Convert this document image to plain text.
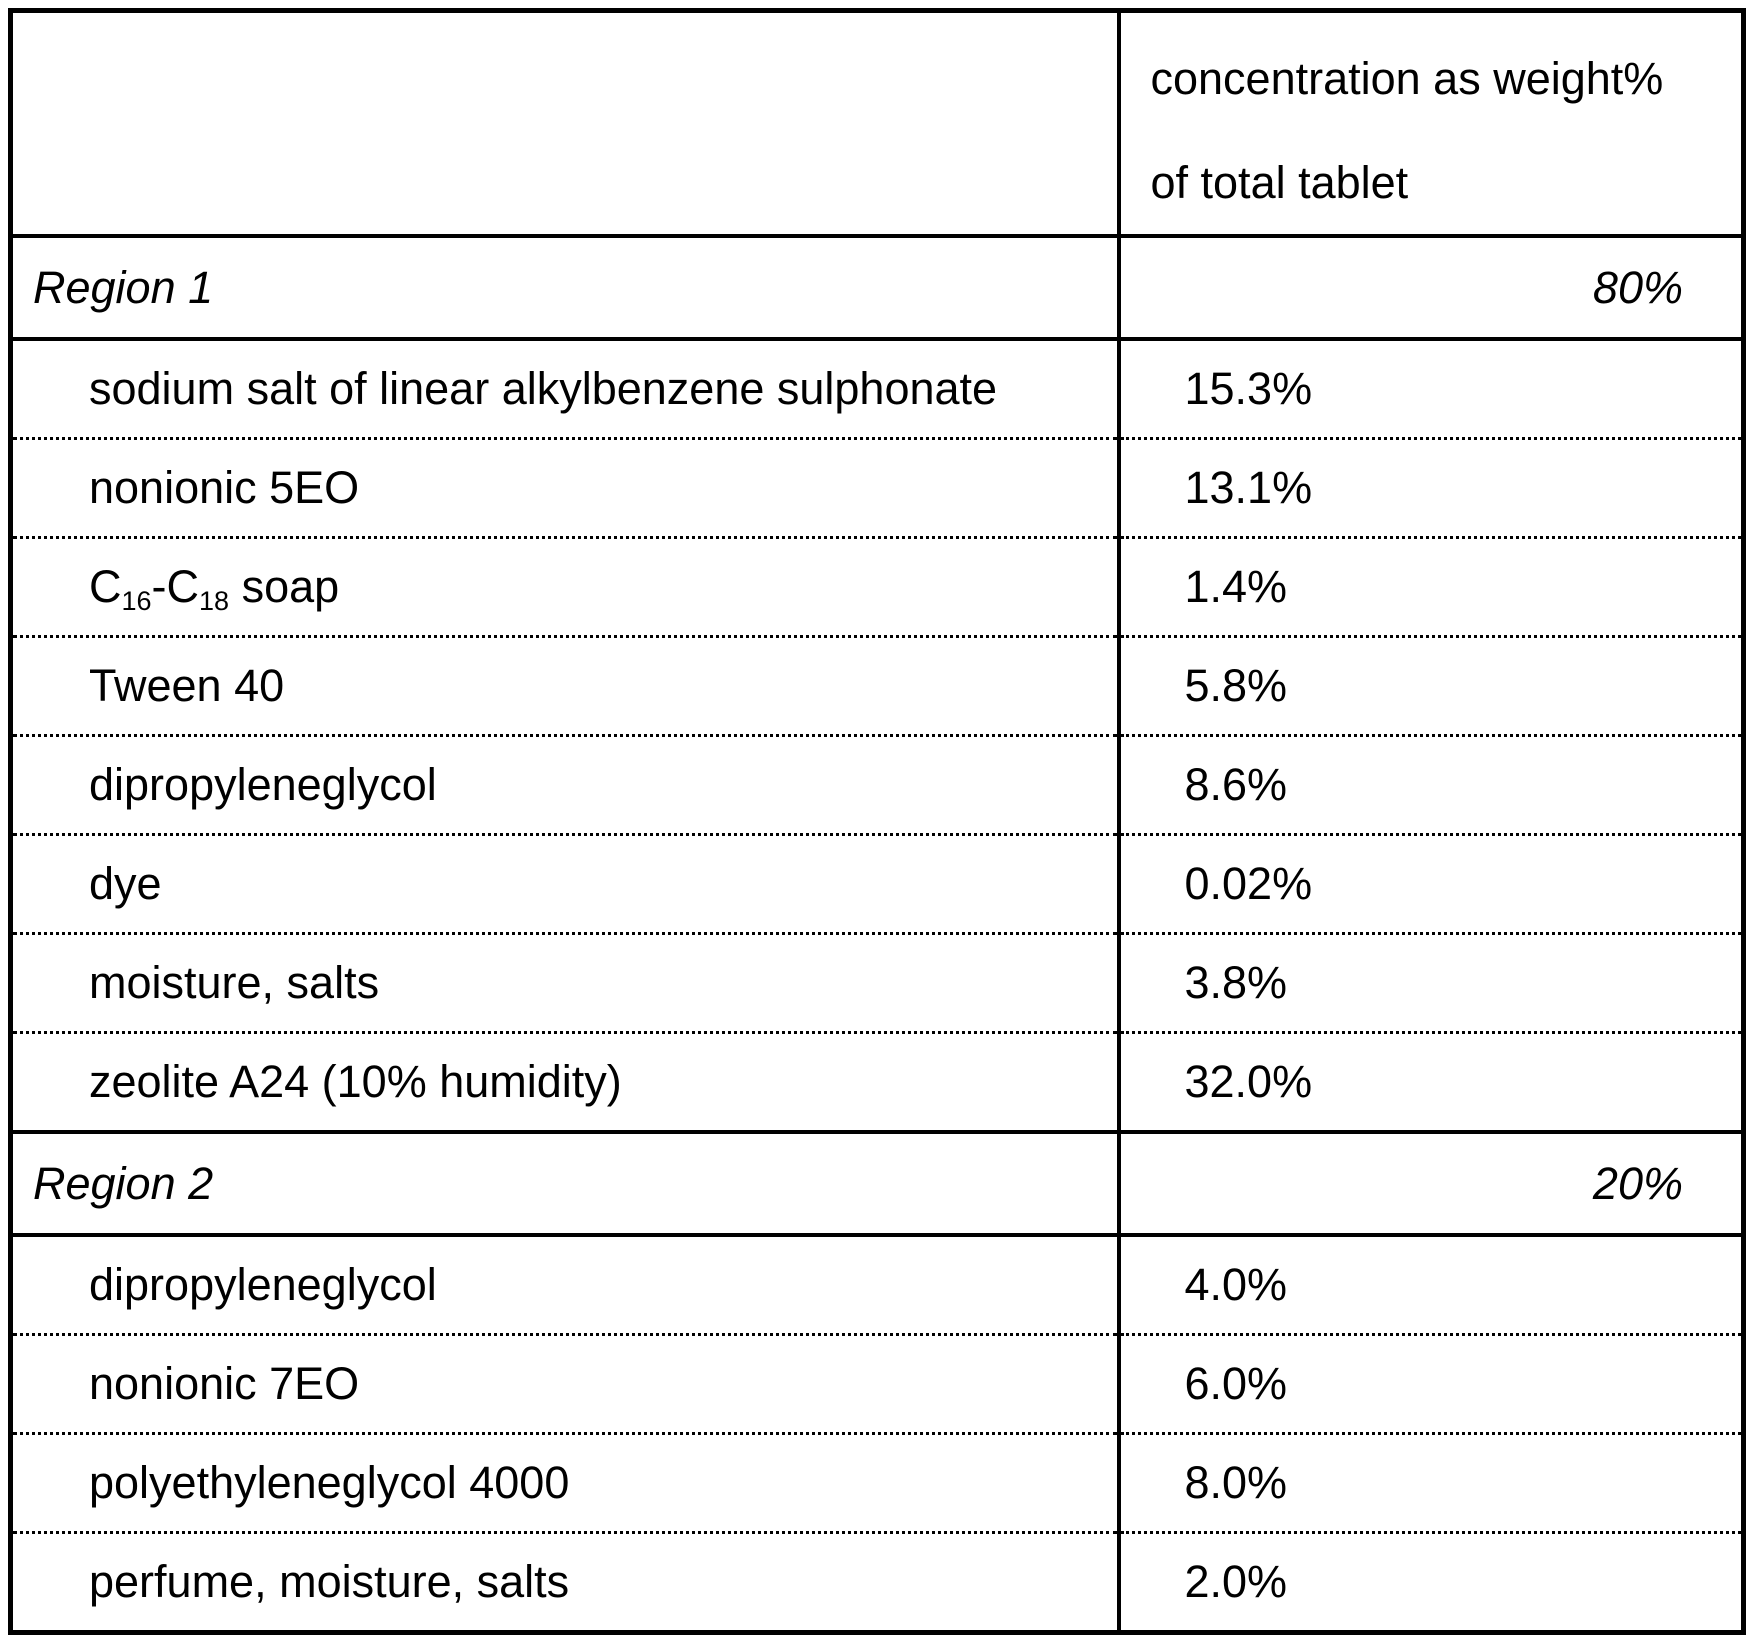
	concentration as weight%
of total tablet

Region 1	80%
sodium salt of linear alkylbenzene sulphonate	15.3%
nonionic 5EO	13.1%
$C_{16}-C_{18}$ soap	1.4%
Tween 40	5.8%
dipropyleneglycol	8.6%
dye	0.02%
moisture, salts	3.8%
zeolite A24 (10% humidity)	32.0%
Region 2	20%
dipropyleneglycol	4.0%
nonionic 7EO	6.0%
polyethyleneglycol 4000	8.0%
perfume, moisture, salts	2.0%
